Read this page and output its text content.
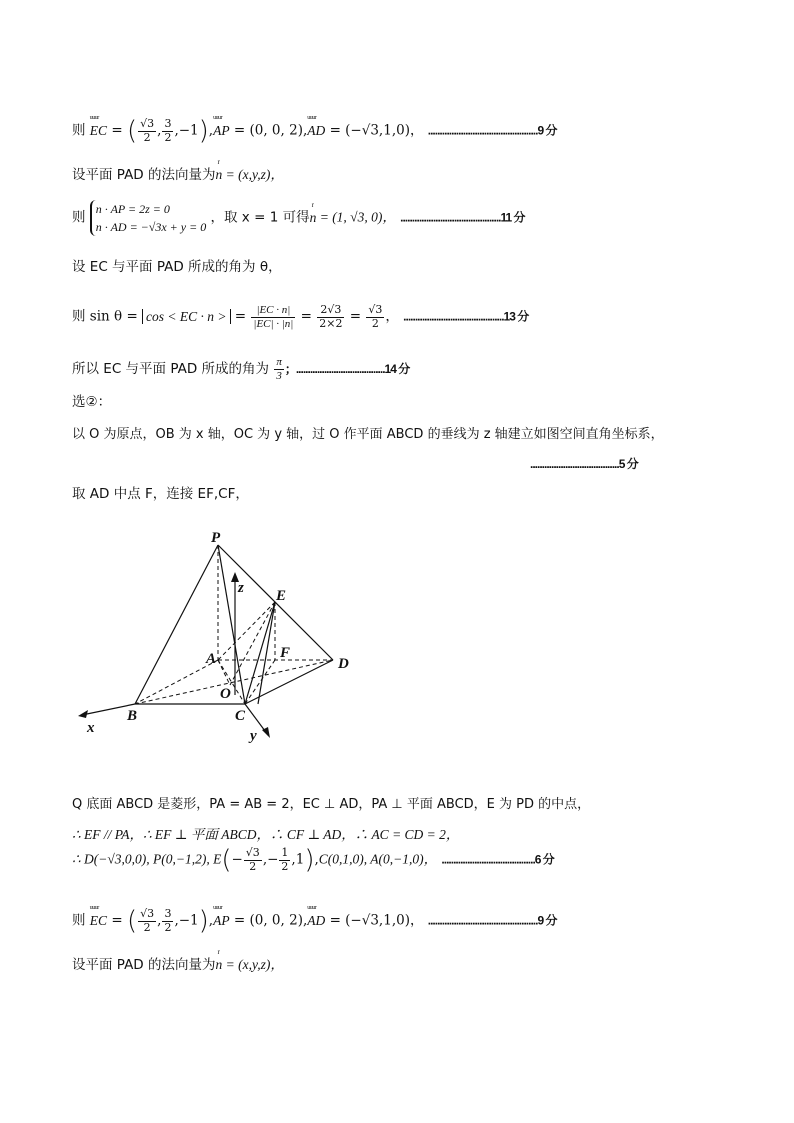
则 uuur EC = ( $\frac{√3}{2}$ , $\frac{3}{2}$ ,−1),uuur AP = (0, 0, 2),uuur AD = (−√3,1,0)， ...............................................9 分
设平面 PAD 的法向量为r n = (x,y,z)，
则
n · AP = 2z = 0
n · AD = −√3x + y = 0
，取 x = 1 可得r n = (1, √3, 0)， ...........................................11 分
设 EC 与平面 PAD 所成的角为 θ，
则 sin θ = cos < EC · n > = $\frac{|EC \cdot n|}{|EC| \cdot |n|} = \frac{2√3}{2\times 2} = \frac{√3}{2}$ ， ...........................................13 分
所以 EC 与平面 PAD 所成的角为 $\frac{\pi}{3}$ ；......................................14 分
选②：
以 O 为原点，OB 为 x 轴，OC 为 y 轴，过 O 作平面 ABCD 的垂线为 z 轴建立如图空间直角坐标系，
......................................5 分
取 AD 中点 F，连接 EF,CF，
P
E
z
A	F
D
O
B	C
x	y
Q 底面 ABCD 是菱形，PA = AB = 2，EC ⊥ AD，PA ⊥ 平面 ABCD，E 为 PD 的中点，
∴ EF // PA，∴ EF ⊥ 平面 ABCD，∴ CF ⊥ AD，∴ AC = CD = 2，
∴ D(−√3,0,0), P(0,−1,2), $E(- \frac{√3}{2}$ ,− $\frac{1}{2} ,1),C(0,1,0)$, A(0,−1,0)， ........................................6 分
则 uuur EC = ( $\frac{√3}{2}$ , $\frac{3}{2}$ ,−1),uuur AP = (0, 0, 2),uuur AD = (−√3,1,0)， ...............................................9 分
设平面 PAD 的法向量为r n = (x,y,z)，
